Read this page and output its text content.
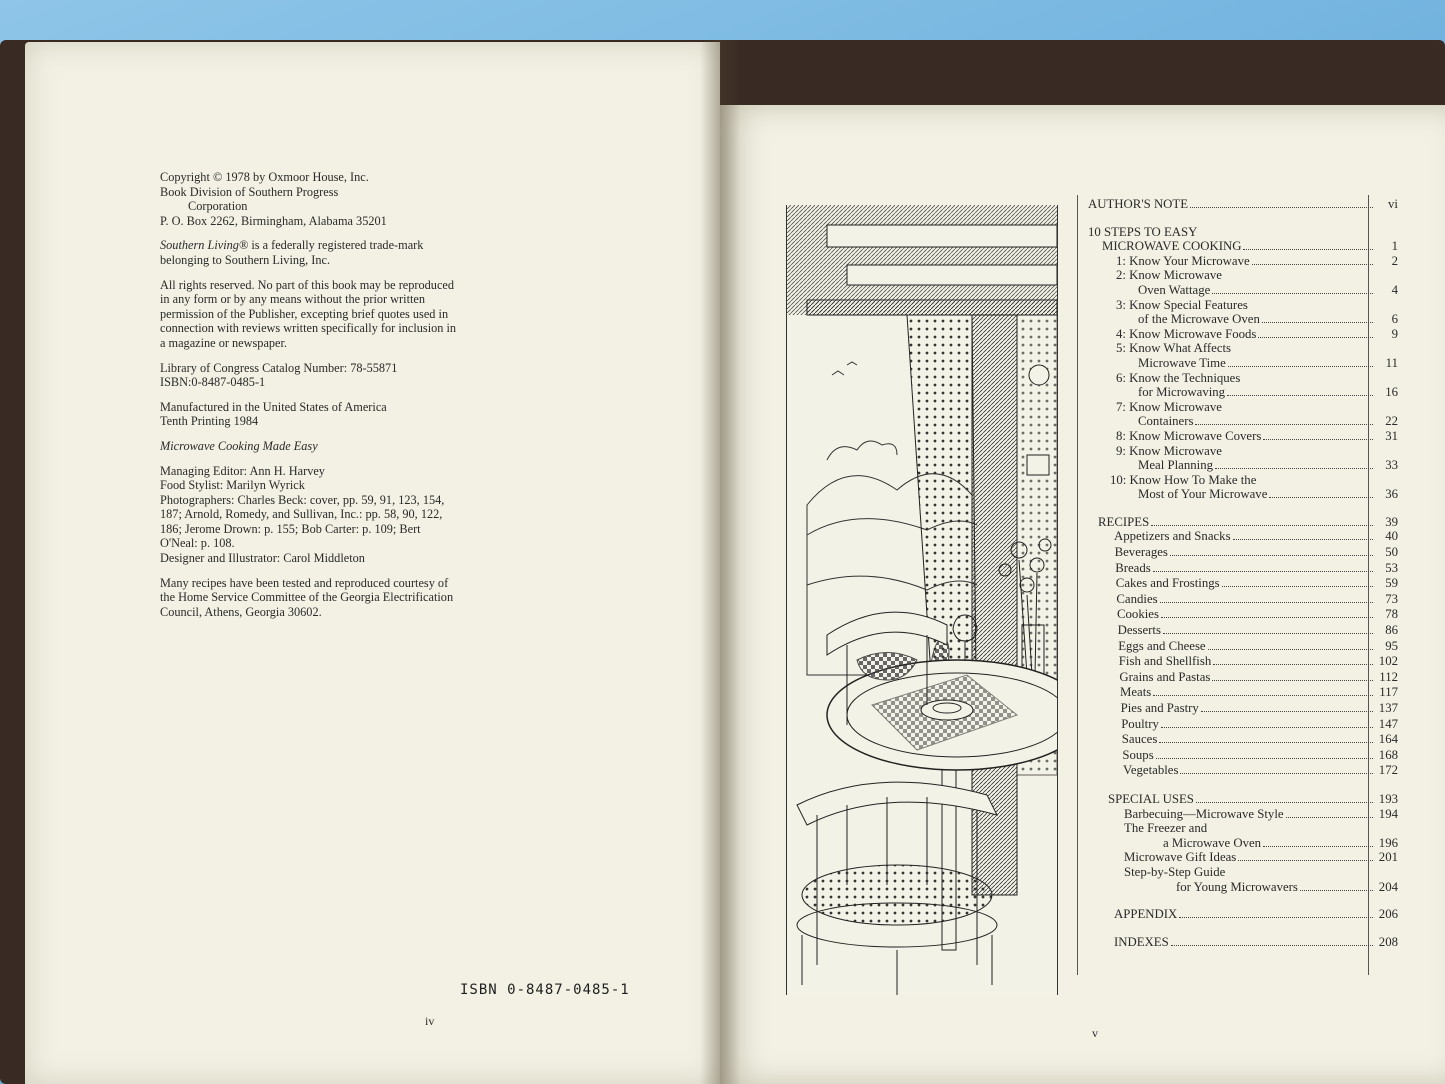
Copyright © 1978 by Oxmoor House, Inc.
Book Division of Southern Progress
Corporation
P. O. Box 2262, Birmingham, Alabama 35201

Southern Living® is a federally registered trade-mark belonging to Southern Living, Inc.

All rights reserved. No part of this book may be reproduced in any form or by any means without the prior written permission of the Publisher, excepting brief quotes used in connection with reviews written specifically for inclusion in a magazine or newspaper.

Library of Congress Catalog Number: 78-55871
ISBN:0-8487-0485-1

Manufactured in the United States of America
Tenth Printing 1984

Microwave Cooking Made Easy

Managing Editor: Ann H. Harvey
Food Stylist: Marilyn Wyrick
Photographers: Charles Beck: cover, pp. 59, 91, 123, 154, 187; Arnold, Romedy, and Sullivan, Inc.: pp. 58, 90, 122, 186; Jerome Drown: p. 155; Bob Carter: p. 109; Bert O'Neal: p. 108.
Designer and Illustrator: Carol Middleton

Many recipes have been tested and reproduced courtesy of the Home Service Committee of the Georgia Electrification Council, Athens, Georgia 30602.

ISBN 0-8487-0485-1
iv
AUTHOR'S NOTE	vi
10 STEPS TO EASY
MICROWAVE COOKING	1
1: Know Your Microwave	2
2: Know Microwave
Oven Wattage	4
3: Know Special Features
of the Microwave Oven	6
4: Know Microwave Foods	9
5: Know What Affects
Microwave Time	11
6: Know the Techniques
for Microwaving	16
7: Know Microwave
Containers	22
8: Know Microwave Covers	31
9: Know Microwave
Meal Planning	33
10: Know How To Make the
Most of Your Microwave	36
RECIPES	39
Appetizers and Snacks	40
Beverages	50
Breads	53
Cakes and Frostings	59
Candies	73
Cookies	78
Desserts	86
Eggs and Cheese	95
Fish and Shellfish	102
Grains and Pastas	112
Meats	117
Pies and Pastry	137
Poultry	147
Sauces	164
Soups	168
Vegetables	172
SPECIAL USES	193
Barbecuing—Microwave Style	194
The Freezer and
a Microwave Oven	196
Microwave Gift Ideas	201
Step-by-Step Guide
for Young Microwavers	204
APPENDIX	206
INDEXES	208
v
